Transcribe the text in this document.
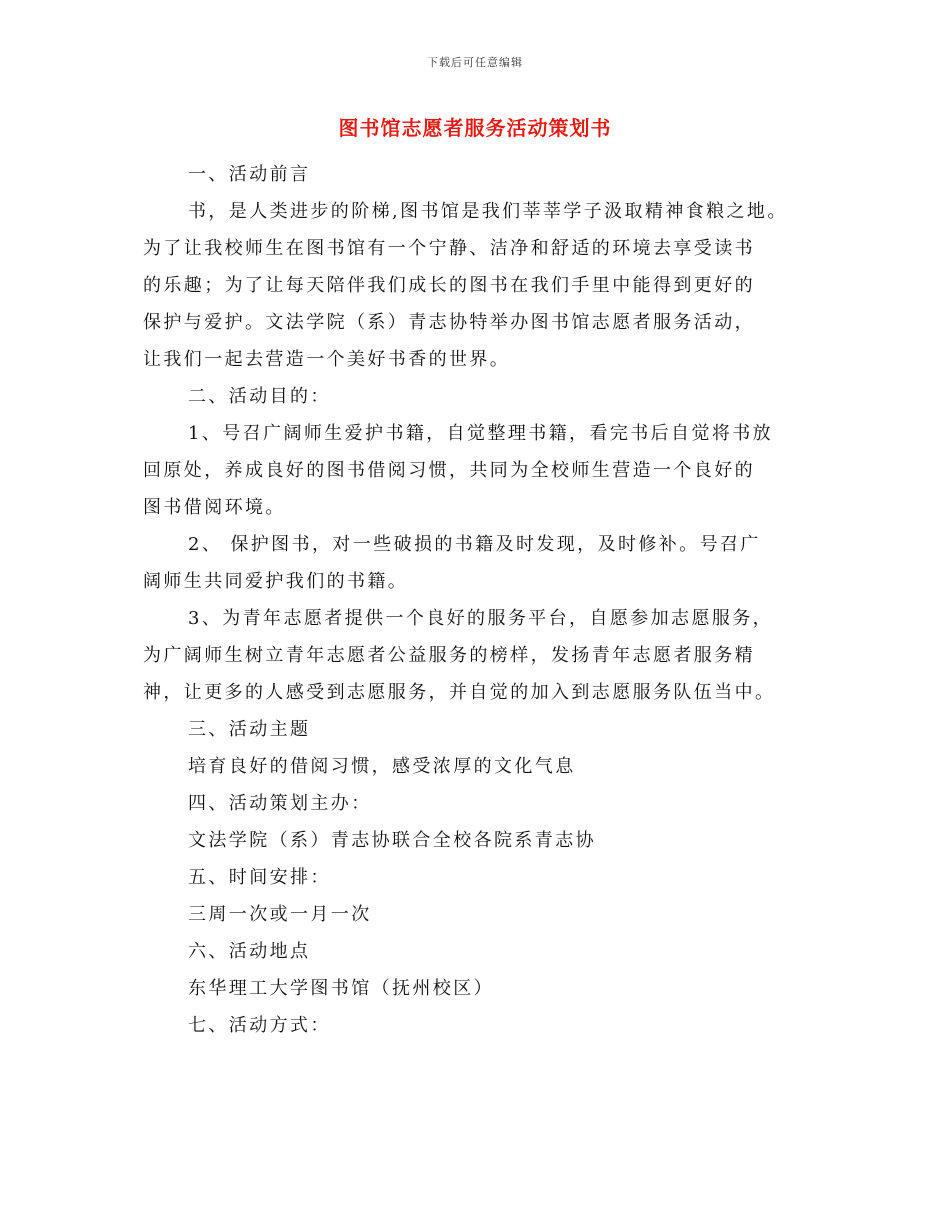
下载后可任意编辑
图书馆志愿者服务活动策划书
一、活动前言
书，是人类进步的阶梯,图书馆是我们莘莘学子汲取精神食粮之地。
为了让我校师生在图书馆有一个宁静、洁净和舒适的环境去享受读书
的乐趣；为了让每天陪伴我们成长的图书在我们手里中能得到更好的
保护与爱护。文法学院（系）青志协特举办图书馆志愿者服务活动，
让我们一起去营造一个美好书香的世界。
二、活动目的：
1、号召广阔师生爱护书籍，自觉整理书籍，看完书后自觉将书放
回原处，养成良好的图书借阅习惯，共同为全校师生营造一个良好的
图书借阅环境。
2、 保护图书，对一些破损的书籍及时发现，及时修补。号召广
阔师生共同爱护我们的书籍。
3、为青年志愿者提供一个良好的服务平台，自愿参加志愿服务，
为广阔师生树立青年志愿者公益服务的榜样，发扬青年志愿者服务精
神，让更多的人感受到志愿服务，并自觉的加入到志愿服务队伍当中。
三、活动主题
培育良好的借阅习惯，感受浓厚的文化气息
四、活动策划主办：
文法学院（系）青志协联合全校各院系青志协
五、时间安排：
三周一次或一月一次
六、活动地点
东华理工大学图书馆（抚州校区）
七、活动方式：
